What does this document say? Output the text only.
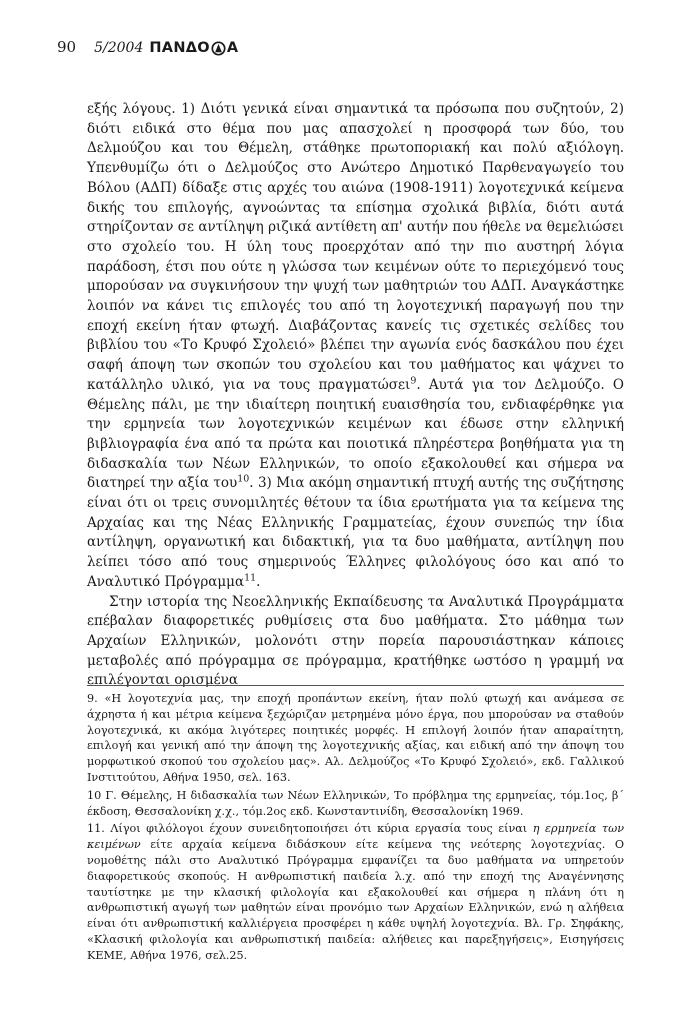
90 5/2004 ΠΑΝΔΟ Α

εξής λόγους. 1) Διότι γενικά είναι σημαντικά τα πρόσωπα που συζητούν, 2) διότι ειδικά στο θέμα που μας απασχολεί η προσφορά των δύο, του Δελμούζου και του Θέμελη, στάθηκε πρωτοποριακή και πολύ αξιόλογη. Υπενθυμίζω ότι ο Δελμούζος στο Ανώτερο Δημοτικό Παρθεναγωγείο του Βόλου (ΑΔΠ) δίδαξε στις αρχές του αιώνα (1908-1911) λογοτεχνικά κείμενα δικής του επιλογής, αγνοώντας τα επίσημα σχολικά βιβλία, διότι αυτά στηρίζονταν σε αντίληψη ριζικά αντίθετη απ' αυτήν που ήθελε να θεμελιώσει στο σχολείο του. Η ύλη τους προερχόταν από την πιο αυστηρή λόγια παράδοση, έτσι που ούτε η γλώσσα των κειμένων ούτε το περιεχόμενό τους μπορούσαν να συγκινήσουν την ψυχή των μαθητριών του ΑΔΠ. Αναγκάστηκε λοιπόν να κάνει τις επιλογές του από τη λογοτεχνική παραγωγή που την εποχή εκείνη ήταν φτωχή. Διαβάζοντας κανείς τις σχετικές σελίδες του βιβλίου του «Το Κρυφό Σχολειό» βλέπει την αγωνία ενός δασκάλου που έχει σαφή άποψη των σκοπών του σχολείου και του μαθήματος και ψάχνει το κατάλληλο υλικό, για να τους πραγματώσει$^9$. Αυτά για τον Δελμούζο. Ο Θέμελης πάλι, με την ιδιαίτερη ποιητική ευαισθησία του, ενδιαφέρθηκε για την ερμηνεία των λογοτεχνικών κειμένων και έδωσε στην ελληνική βιβλιογραφία ένα από τα πρώτα και ποιοτικά πληρέστερα βοηθήματα για τη διδασκαλία των Νέων Ελληνικών, το οποίο εξακολουθεί και σήμερα να διατηρεί την αξία του$^{10}$. 3) Μια ακόμη σημαντική πτυχή αυτής της συζήτησης είναι ότι οι τρεις συνομιλητές θέτουν τα ίδια ερωτήματα για τα κείμενα της Αρχαίας και της Νέας Ελληνικής Γραμματείας, έχουν συνεπώς την ίδια αντίληψη, οργανωτική και διδακτική, για τα δυο μαθήματα, αντίληψη που λείπει τόσο από τους σημερινούς Έλληνες φιλολόγους όσο και από το Αναλυτικό Πρόγραμμα$^{11}$.

Στην ιστορία της Νεοελληνικής Εκπαίδευσης τα Αναλυτικά Προγράμματα επέβαλαν διαφορετικές ρυθμίσεις στα δυο μαθήματα. Στο μάθημα των Αρχαίων Ελληνικών, μολονότι στην πορεία παρουσιάστηκαν κάποιες μεταβολές από πρόγραμμα σε πρόγραμμα, κρατήθηκε ωστόσο η γραμμή να επιλέγονται ορισμένα

9. «Η λογοτεχνία μας, την εποχή προπάντων εκείνη, ήταν πολύ φτωχή και ανάμεσα σε άχρηστα ή και μέτρια κείμενα ξεχώριζαν μετρημένα μόνο έργα, που μπορούσαν να σταθούν λογοτεχνικά, κι ακόμα λιγότερες ποιητικές μορφές. Η επιλογή λοιπόν ήταν απαραίτητη, επιλογή και γενική από την άποψη της λογοτεχνικής αξίας, και ειδική από την άποψη του μορφωτικού σκοπού του σχολείου μας». Αλ. Δελμούζος «Το Κρυφό Σχολειό», εκδ. Γαλλικού Ινστιτούτου, Αθήνα 1950, σελ. 163.

10 Γ. Θέμελης, Η διδασκαλία των Νέων Ελληνικών, Το πρόβλημα της ερμηνείας, τόμ.1ος, β΄ έκδοση, Θεσσαλονίκη χ.χ., τόμ.2ος εκδ. Κωνσταντινίδη, Θεσσαλονίκη 1969.

11. Λίγοι φιλόλογοι έχουν συνειδητοποιήσει ότι κύρια εργασία τους είναι η ερμηνεία των κειμένων είτε αρχαία κείμενα διδάσκουν είτε κείμενα της νεότερης λογοτεχνίας. Ο νομοθέτης πάλι στο Αναλυτικό Πρόγραμμα εμφανίζει τα δυο μαθήματα να υπηρετούν διαφορετικούς σκοπούς. Η ανθρωπιστική παιδεία λ.χ. από την εποχή της Αναγέννησης ταυτίστηκε με την κλασική φιλολογία και εξακολουθεί και σήμερα η πλάνη ότι η ανθρωπιστική αγωγή των μαθητών είναι προνόμιο των Αρχαίων Ελληνικών, ενώ η αλήθεια είναι ότι ανθρωπιστική καλλιέργεια προσφέρει η κάθε υψηλή λογοτεχνία. Βλ. Γρ. Σηφάκης, «Κλασική φιλολογία και ανθρωπιστική παιδεία: αλήθειες και παρεξηγήσεις», Εισηγήσεις ΚΕΜΕ, Αθήνα 1976, σελ.25.
